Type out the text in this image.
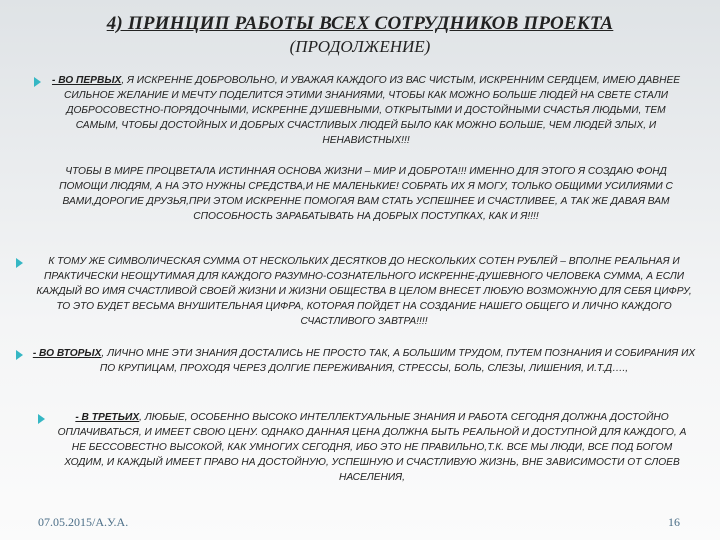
4) ПРИНЦИП РАБОТЫ ВСЕХ СОТРУДНИКОВ ПРОЕКТА
(ПРОДОЛЖЕНИЕ)
- ВО ПЕРВЫХ, Я ИСКРЕННЕ ДОБРОВОЛЬНО, И УВАЖАЯ КАЖДОГО ИЗ ВАС ЧИСТЫМ, ИСКРЕННИМ СЕРДЦЕМ, ИМЕЮ ДАВНЕЕ СИЛЬНОЕ ЖЕЛАНИЕ И МЕЧТУ ПОДЕЛИТСЯ ЭТИМИ ЗНАНИЯМИ, ЧТОБЫ КАК МОЖНО БОЛЬШЕ ЛЮДЕЙ НА СВЕТЕ СТАЛИ ДОБРОСОВЕСТНО-ПОРЯДОЧНЫМИ, ИСКРЕННЕ ДУШЕВНЫМИ, ОТКРЫТЫМИ И ДОСТОЙНЫМИ СЧАСТЬЯ ЛЮДЬМИ, ТЕМ САМЫМ, ЧТОБЫ ДОСТОЙНЫХ И ДОБРЫХ СЧАСТЛИВЫХ ЛЮДЕЙ БЫЛО КАК МОЖНО БОЛЬШЕ, ЧЕМ ЛЮДЕЙ ЗЛЫХ, И НЕНАВИСТНЫХ!!!
ЧТОБЫ В МИРЕ ПРОЦВЕТАЛА ИСТИННАЯ ОСНОВА ЖИЗНИ – МИР И ДОБРОТА!!! ИМЕННО ДЛЯ ЭТОГО Я СОЗДАЮ ФОНД ПОМОЩИ ЛЮДЯМ, А НА ЭТО НУЖНЫ СРЕДСТВА,И НЕ МАЛЕНЬКИЕ! СОБРАТЬ ИХ Я МОГУ, ТОЛЬКО ОБЩИМИ УСИЛИЯМИ С ВАМИ,ДОРОГИЕ ДРУЗЬЯ,ПРИ ЭТОМ ИСКРЕННЕ ПОМОГАЯ ВАМ СТАТЬ УСПЕШНЕЕ И СЧАСТЛИВЕЕ, А ТАК ЖЕ ДАВАЯ ВАМ СПОСОБНОСТЬ ЗАРАБАТЫВАТЬ НА ДОБРЫХ ПОСТУПКАХ, КАК И Я!!!!
К ТОМУ ЖЕ СИМВОЛИЧЕСКАЯ СУММА ОТ НЕСКОЛЬКИХ ДЕСЯТКОВ ДО НЕСКОЛЬКИХ СОТЕН РУБЛЕЙ – ВПОЛНЕ РЕАЛЬНАЯ И ПРАКТИЧЕСКИ НЕОЩУТИМАЯ ДЛЯ КАЖДОГО РАЗУМНО-СОЗНАТЕЛЬНОГО ИСКРЕННЕ-ДУШЕВНОГО ЧЕЛОВЕКА СУММА, А ЕСЛИ КАЖДЫЙ ВО ИМЯ СЧАСТЛИВОЙ СВОЕЙ ЖИЗНИ И ЖИЗНИ ОБЩЕСТВА В ЦЕЛОМ ВНЕСЕТ ЛЮБУЮ ВОЗМОЖНУЮ ДЛЯ СЕБЯ ЦИФРУ, ТО ЭТО БУДЕТ ВЕСЬМА ВНУШИТЕЛЬНАЯ ЦИФРА, КОТОРАЯ ПОЙДЕТ НА СОЗДАНИЕ НАШЕГО ОБЩЕГО И ЛИЧНО КАЖДОГО СЧАСТЛИВОГО ЗАВТРА!!!!
- ВО ВТОРЫХ, ЛИЧНО МНЕ ЭТИ ЗНАНИЯ ДОСТАЛИСЬ НЕ ПРОСТО ТАК, А БОЛЬШИМ ТРУДОМ, ПУТЕМ ПОЗНАНИЯ И СОБИРАНИЯ ИХ ПО КРУПИЦАМ, ПРОХОДЯ ЧЕРЕЗ ДОЛГИЕ ПЕРЕЖИВАНИЯ, СТРЕССЫ, БОЛЬ, СЛЕЗЫ, ЛИШЕНИЯ, И.Т.Д….,
- В ТРЕТЬИХ, ЛЮБЫЕ, ОСОБЕННО ВЫСОКО ИНТЕЛЛЕКТУАЛЬНЫЕ ЗНАНИЯ И РАБОТА СЕГОДНЯ ДОЛЖНА ДОСТОЙНО ОПЛАЧИВАТЬСЯ, И ИМЕЕТ СВОЮ ЦЕНУ. ОДНАКО ДАННАЯ ЦЕНА ДОЛЖНА БЫТЬ РЕАЛЬНОЙ И ДОСТУПНОЙ ДЛЯ КАЖДОГО, А НЕ БЕССОВЕСТНО ВЫСОКОЙ, КАК УМНОГИХ СЕГОДНЯ, ИБО ЭТО НЕ ПРАВИЛЬНО,Т.К. ВСЕ МЫ ЛЮДИ, ВСЕ ПОД БОГОМ ХОДИМ, И КАЖДЫЙ ИМЕЕТ ПРАВО НА ДОСТОЙНУЮ, УСПЕШНУЮ И СЧАСТЛИВУЮ ЖИЗНЬ, ВНЕ ЗАВИСИМОСТИ ОТ СЛОЕВ НАСЕЛЕНИЯ,
07.05.2015/А.У.А.	16
